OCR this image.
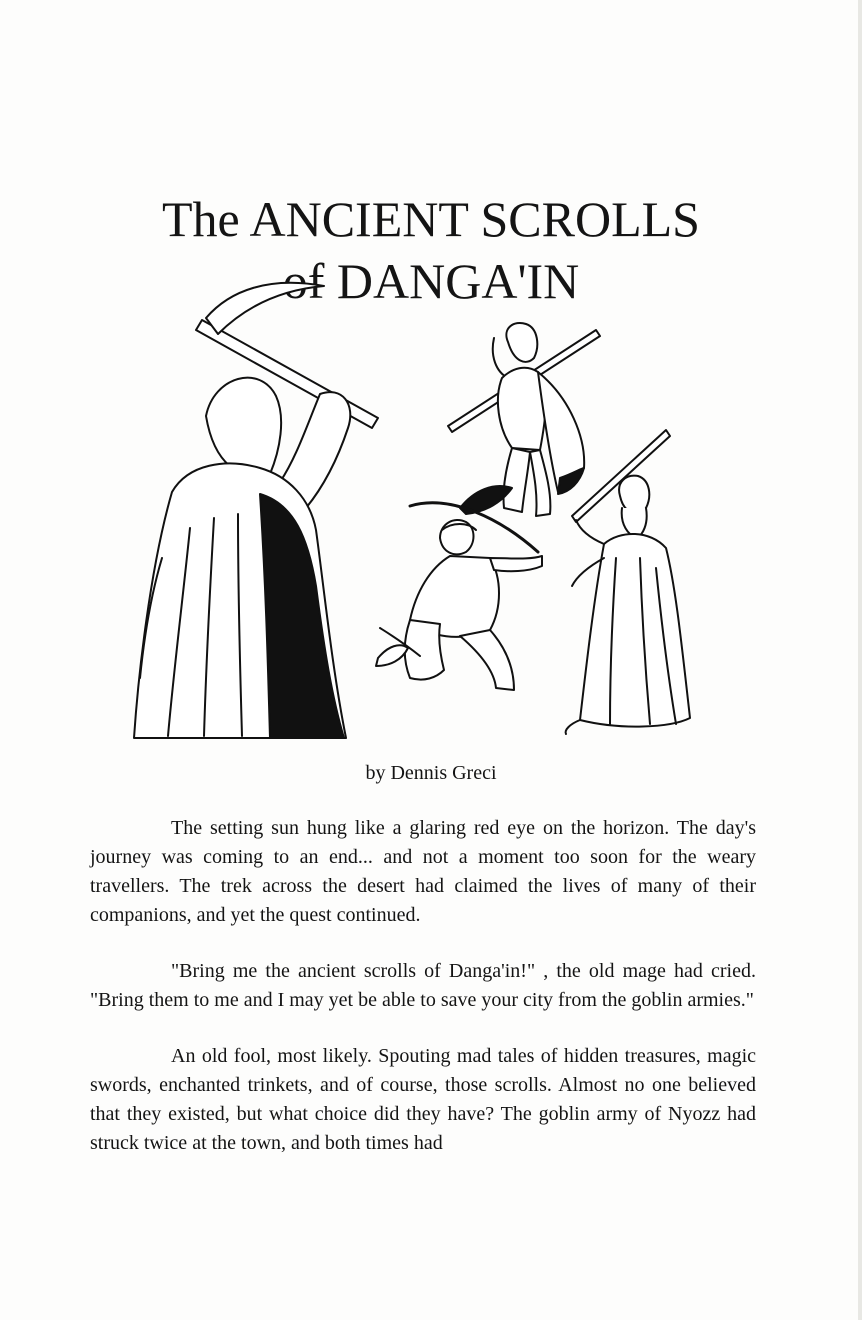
The ANCIENT SCROLLS
of DANGA'IN
by Dennis Greci

The setting sun hung like a glaring red eye on the horizon. The day's journey was coming to an end... and not a moment too soon for the weary travellers. The trek across the desert had claimed the lives of many of their companions, and yet the quest continued.

"Bring me the ancient scrolls of Danga'in!" , the old mage had cried. "Bring them to me and I may yet be able to save your city from the goblin armies."

An old fool, most likely. Spouting mad tales of hidden treasures, magic swords, enchanted trinkets, and of course, those scrolls. Almost no one believed that they existed, but what choice did they have? The goblin army of Nyozz had struck twice at the town, and both times had
